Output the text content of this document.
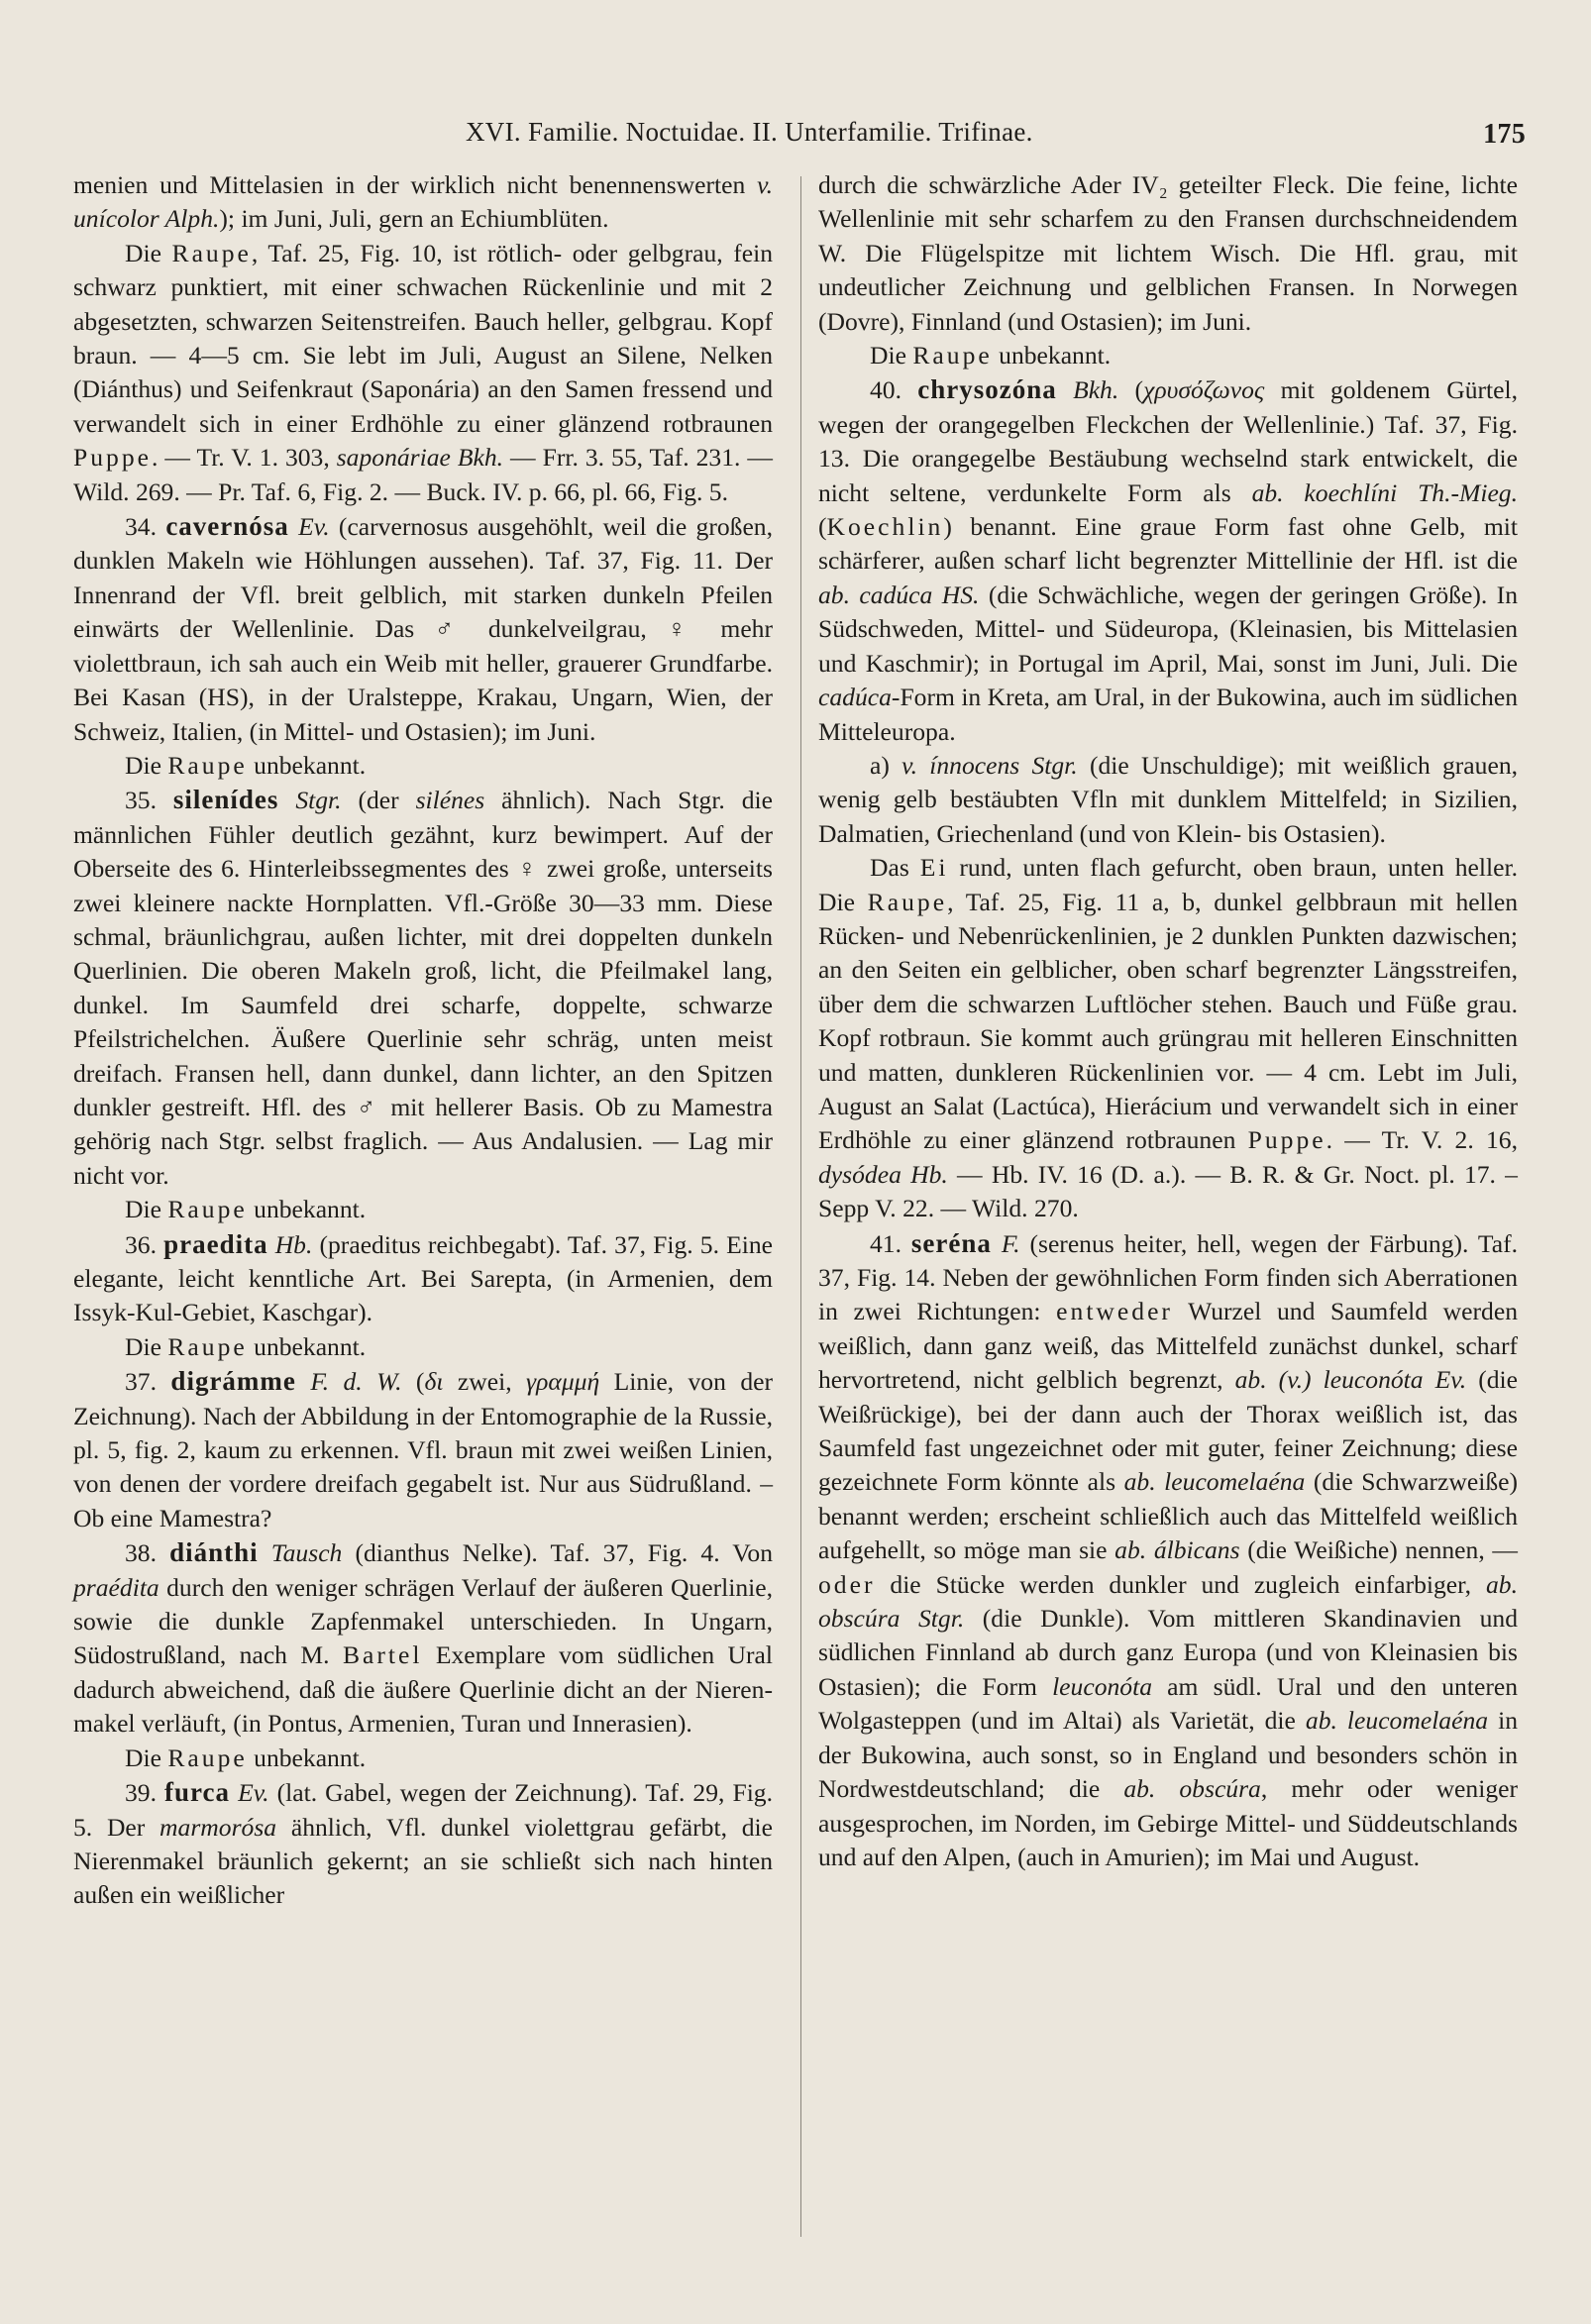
XVI. Familie. Noctuidae. II. Unterfamilie. Trifinae.	175

menien und Mittelasien in der wirklich nicht benennenswerten v. unícolor Alph.); im Juni, Juli, gern an Echiumblüten.

Die Raupe, Taf. 25, Fig. 10, ist rötlich- oder gelbgrau, fein schwarz punktiert, mit einer schwachen Rückenlinie und mit 2 abgesetzten, schwarzen Seitenstreifen. Bauch heller, gelbgrau. Kopf braun. — 4—5 cm. Sie lebt im Juli, August an Silene, Nelken (Diánthus) und Seifenkraut (Saponária) an den Samen fressend und verwandelt sich in einer Erdhöhle zu einer glänzend rotbraunen Puppe. — Tr. V. 1. 303, saponáriae Bkh. — Frr. 3. 55, Taf. 231. — Wild. 269. — Pr. Taf. 6, Fig. 2. — Buck. IV. p. 66, pl. 66, Fig. 5.

34. cavernósa Ev. (carvernosus ausgehöhlt, weil die großen, dunklen Makeln wie Höhlungen aussehen). Taf. 37, Fig. 11. Der Innenrand der Vfl. breit gelblich, mit starken dunkeln Pfeilen einwärts der Wellenlinie. Das ♂ dunkelveilgrau, ♀ mehr violettbraun, ich sah auch ein Weib mit heller, grauerer Grundfarbe. Bei Kasan (HS), in der Uralsteppe, Krakau, Ungarn, Wien, der Schweiz, Italien, (in Mittel- und Ostasien); im Juni.

Die Raupe unbekannt.

35. silenídes Stgr. (der silénes ähnlich). Nach Stgr. die männlichen Fühler deutlich gezähnt, kurz bewimpert. Auf der Oberseite des 6. Hinterleibssegmentes des ♀ zwei große, unterseits zwei kleinere nackte Hornplatten. Vfl.-Größe 30—33 mm. Diese schmal, bräunlichgrau, außen lichter, mit drei doppelten dunkeln Querlinien. Die oberen Makeln groß, licht, die Pfeilmakel lang, dunkel. Im Saumfeld drei scharfe, doppelte, schwarze Pfeilstrichelchen. Äußere Querlinie sehr schräg, unten meist dreifach. Fransen hell, dann dunkel, dann lichter, an den Spitzen dunkler gestreift. Hfl. des ♂ mit hellerer Basis. Ob zu Mamestra gehörig nach Stgr. selbst fraglich. — Aus Andalusien. — Lag mir nicht vor.

Die Raupe unbekannt.

36. praedita Hb. (praeditus reichbegabt). Taf. 37, Fig. 5. Eine elegante, leicht kenntliche Art. Bei Sarepta, (in Armenien, dem Issyk-Kul-Gebiet, Kaschgar).

Die Raupe unbekannt.

37. digrámme F. d. W. (δι zwei, γραμμή Linie, von der Zeichnung). Nach der Abbildung in der Entomographie de la Russie, pl. 5, fig. 2, kaum zu erkennen. Vfl. braun mit zwei weißen Linien, von denen der vordere dreifach gegabelt ist. Nur aus Südrußland. – Ob eine Mamestra?

38. diánthi Tausch (dianthus Nelke). Taf. 37, Fig. 4. Von praédita durch den weniger schrägen Verlauf der äußeren Querlinie, sowie die dunkle Zapfenmakel unterschieden. In Ungarn, Südostrußland, nach M. Bartel Exemplare vom südlichen Ural dadurch abweichend, daß die äußere Querlinie dicht an der Nierenmakel verläuft, (in Pontus, Armenien, Turan und Innerasien).

Die Raupe unbekannt.

39. furca Ev. (lat. Gabel, wegen der Zeichnung). Taf. 29, Fig. 5. Der marmorósa ähnlich, Vfl. dunkel violettgrau gefärbt, die Nierenmakel bräunlich gekernt; an sie schließt sich nach hinten außen ein weißlicher

durch die schwärzliche Ader IV₂ geteilter Fleck. Die feine, lichte Wellenlinie mit sehr scharfem zu den Fransen durchschneidendem W. Die Flügelspitze mit lichtem Wisch. Die Hfl. grau, mit undeutlicher Zeichnung und gelblichen Fransen. In Norwegen (Dovre), Finnland (und Ostasien); im Juni.

Die Raupe unbekannt.

40. chrysozóna Bkh. (χρυσόζωνος mit goldenem Gürtel, wegen der orangegelben Fleckchen der Wellenlinie.) Taf. 37, Fig. 13. Die orangegelbe Bestäubung wechselnd stark entwickelt, die nicht seltene, verdunkelte Form als ab. koechlíni Th.-Mieg. (Koechlin) benannt. Eine graue Form fast ohne Gelb, mit schärferer, außen scharf licht begrenzter Mittellinie der Hfl. ist die ab. cadúca HS. (die Schwächliche, wegen der geringen Größe). In Südschweden, Mittel- und Südeuropa, (Kleinasien, bis Mittelasien und Kaschmir); in Portugal im April, Mai, sonst im Juni, Juli. Die cadúca-Form in Kreta, am Ural, in der Bukowina, auch im südlichen Mitteleuropa.

a) v. ínnocens Stgr. (die Unschuldige); mit weißlich grauen, wenig gelb bestäubten Vfln mit dunklem Mittelfeld; in Sizilien, Dalmatien, Griechenland (und von Klein- bis Ostasien).

Das Ei rund, unten flach gefurcht, oben braun, unten heller. Die Raupe, Taf. 25, Fig. 11 a, b, dunkel gelbbraun mit hellen Rücken- und Nebenrückenlinien, je 2 dunklen Punkten dazwischen; an den Seiten ein gelblicher, oben scharf begrenzter Längsstreifen, über dem die schwarzen Luftlöcher stehen. Bauch und Füße grau. Kopf rotbraun. Sie kommt auch grüngrau mit helleren Einschnitten und matten, dunkleren Rückenlinien vor. — 4 cm. Lebt im Juli, August an Salat (Lactúca), Hierácium und verwandelt sich in einer Erdhöhle zu einer glänzend rotbraunen Puppe. — Tr. V. 2. 16, dysódea Hb. — Hb. IV. 16 (D. a.). — B. R. & Gr. Noct. pl. 17. – Sepp V. 22. — Wild. 270.

41. seréna F. (serenus heiter, hell, wegen der Färbung). Taf. 37, Fig. 14. Neben der gewöhnlichen Form finden sich Aberrationen in zwei Richtungen: entweder Wurzel und Saumfeld werden weißlich, dann ganz weiß, das Mittelfeld zunächst dunkel, scharf hervortretend, nicht gelblich begrenzt, ab. (v.) leuconóta Ev. (die Weißrückige), bei der dann auch der Thorax weißlich ist, das Saumfeld fast ungezeichnet oder mit guter, feiner Zeichnung; diese gezeichnete Form könnte als ab. leucomelaéna (die Schwarzweiße) benannt werden; erscheint schließlich auch das Mittelfeld weißlich aufgehellt, so möge man sie ab. álbicans (die Weißiche) nennen, — oder die Stücke werden dunkler und zugleich einfarbiger, ab. obscúra Stgr. (die Dunkle). Vom mittleren Skandinavien und südlichen Finnland ab durch ganz Europa (und von Kleinasien bis Ostasien); die Form leuconóta am südl. Ural und den unteren Wolgasteppen (und im Altai) als Varietät, die ab. leucomelaéna in der Bukowina, auch sonst, so in England und besonders schön in Nordwestdeutschland; die ab. obscúra, mehr oder weniger ausgesprochen, im Norden, im Gebirge Mittel- und Süddeutschlands und auf den Alpen, (auch in Amurien); im Mai und August.
